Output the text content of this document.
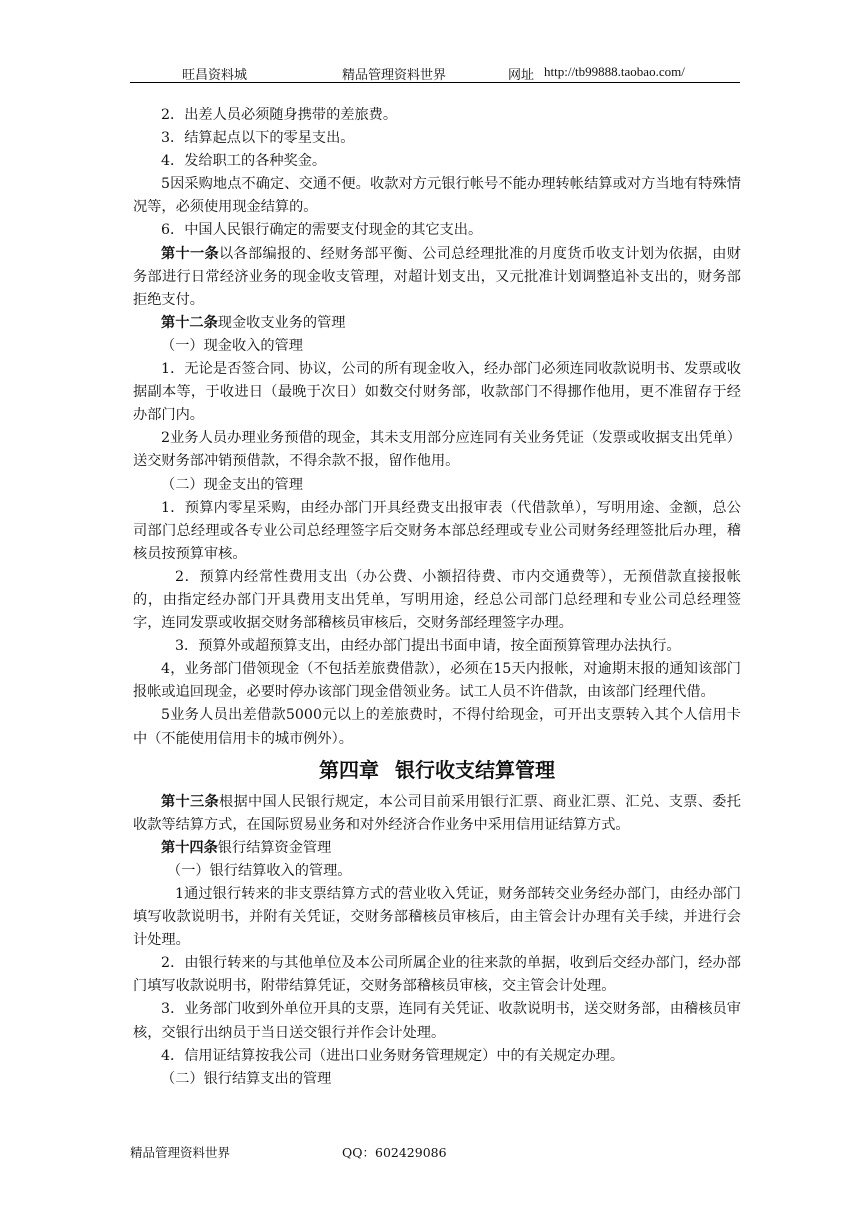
旺昌资料城	精品管理资料世界	网址 http://tb99888.taobao.com/

2．出差人员必须随身携带的差旅费。

3．结算起点以下的零星支出。

4．发给职工的各种奖金。

5因采购地点不确定、交通不便。收款对方元银行帐号不能办理转帐结算或对方当地有特殊情况等，必须使用现金结算的。

6．中国人民银行确定的需要支付现金的其它支出。

第十一条以各部编报的、经财务部平衡、公司总经理批准的月度货币收支计划为依据，由财务部进行日常经济业务的现金收支管理，对超计划支出，又元批准计划调整追补支出的，财务部拒绝支付。

第十二条现金收支业务的管理

（一）现金收入的管理

1．无论是否签合同、协议，公司的所有现金收入，经办部门必须连同收款说明书、发票或收据副本等，于收进日（最晚于次日）如数交付财务部，收款部门不得挪作他用，更不准留存于经办部门内。

2业务人员办理业务预借的现金，其未支用部分应连同有关业务凭证（发票或收据支出凭单）送交财务部冲销预借款，不得余款不报，留作他用。

（二）现金支出的管理

1．预算内零星采购，由经办部门开具经费支出报审表（代借款单），写明用途、金额，总公司部门总经理或各专业公司总经理签字后交财务本部总经理或专业公司财务经理签批后办理，稽核员按预算审核。

2．预算内经常性费用支出（办公费、小额招待费、市内交通费等），无预借款直接报帐的，由指定经办部门开具费用支出凭单，写明用途，经总公司部门总经理和专业公司总经理签字，连同发票或收据交财务部稽核员审核后，交财务部经理签字办理。

3．预算外或超预算支出，由经办部门提出书面申请，按全面预算管理办法执行。

4，业务部门借领现金（不包括差旅费借款），必须在15天内报帐，对逾期末报的通知该部门报帐或追回现金，必要时停办该部门现金借领业务。试工人员不许借款，由该部门经理代借。

5业务人员出差借款5000元以上的差旅费时，不得付给现金，可开出支票转入其个人信用卡中（不能使用信用卡的城市例外）。

第四章 银行收支结算管理

第十三条根据中国人民银行规定，本公司目前采用银行汇票、商业汇票、汇兑、支票、委托收款等结算方式，在国际贸易业务和对外经济合作业务中采用信用证结算方式。

第十四条银行结算资金管理

（一）银行结算收入的管理。

1通过银行转来的非支票结算方式的营业收入凭证，财务部转交业务经办部门，由经办部门填写收款说明书，并附有关凭证，交财务部稽核员审核后，由主管会计办理有关手续，并进行会计处理。

2．由银行转来的与其他单位及本公司所属企业的往来款的单据，收到后交经办部门，经办部门填写收款说明书，附带结算凭证，交财务部稽核员审核，交主管会计处理。

3．业务部门收到外单位开具的支票，连同有关凭证、收款说明书，送交财务部，由稽核员审核，交银行出纳员于当日送交银行并作会计处理。

4．信用证结算按我公司（进出口业务财务管理规定）中的有关规定办理。

（二）银行结算支出的管理

精品管理资料世界	QQ：602429086
